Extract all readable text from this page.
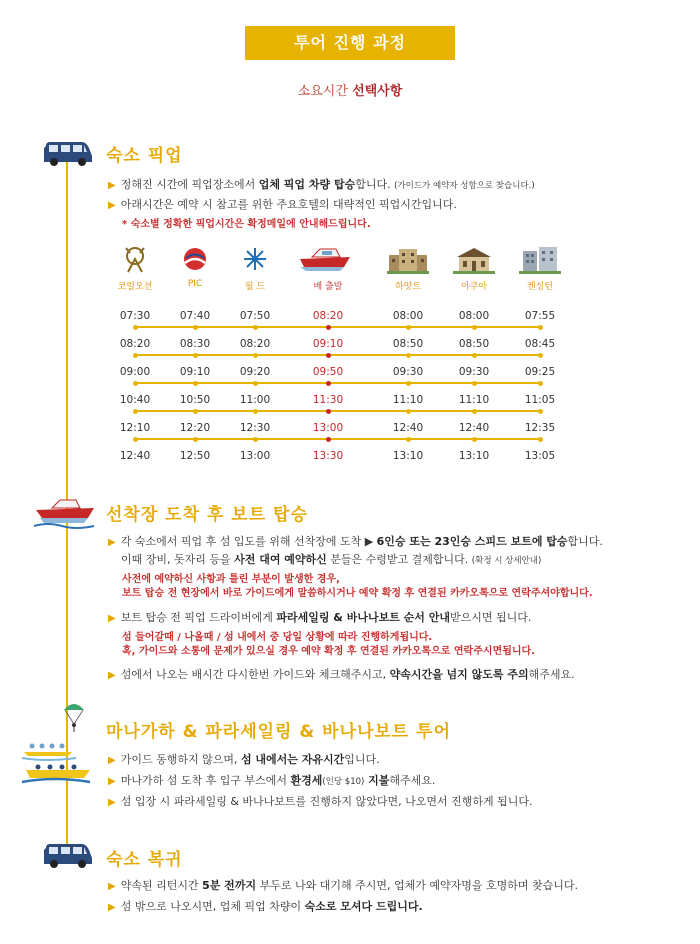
투어 진행 과정
소요시간 선택사항
숙소 픽업
▶ 정해진 시간에 픽업장소에서 업체 픽업 차량 탑승합니다. (가이드가 예약자 성함으로 찾습니다.)
▶ 아래시간은 예약 시 참고를 위한 주요호텔의 대략적인 픽업시간입니다.
* 숙소별 정확한 픽업시간은 확정메일에 안내해드립니다.
코럴오션	PIC	월 드	배 출발	하얏트	아쿠아	켄싱턴
07:30	07:40	07:50	08:20	08:00	08:00	07:55
08:20	08:30	08:20	09:10	08:50	08:50	08:45
09:00	09:10	09:20	09:50	09:30	09:30	09:25
10:40	10:50	11:00	11:30	11:10	11:10	11:05
12:10	12:20	12:30	13:00	12:40	12:40	12:35
12:40	12:50	13:00	13:30	13:10	13:10	13:05
선착장 도착 후 보트 탑승
▶ 각 숙소에서 픽업 후 섬 입도를 위해 선착장에 도착 ▶ 6인승 또는 23인승 스피드 보트에 탑승합니다.
이때 장비, 돗자리 등을 사전 대여 예약하신 분들은 수령받고 결제합니다. (확정 시 상세안내)
사전에 예약하신 사항과 틀린 부분이 발생한 경우,
보트 탑승 전 현장에서 바로 가이드에게 말씀하시거나 예약 확정 후 연결된 카카오톡으로 연락주셔야합니다.
▶ 보트 탑승 전 픽업 드라이버에게 파라세일링 & 바나나보트 순서 안내받으시면 됩니다.
섬 들어갈때 / 나올때 / 섬 내에서 중 당일 상황에 따라 진행하게됩니다.
혹, 가이드와 소통에 문제가 있으실 경우 예약 확정 후 연결된 카카오톡으로 연락주시면됩니다.
▶ 섬에서 나오는 배시간 다시한번 가이드와 체크해주시고, 약속시간을 넘지 않도록 주의해주세요.
마나가하 & 파라세일링 & 바나나보트 투어
▶ 가이드 동행하지 않으며, 섬 내에서는 자유시간입니다.
▶ 마나가하 섬 도착 후 입구 부스에서 환경세(인당 $10) 지불해주세요.
▶ 섬 입장 시 파라세일링 & 바나나보트를 진행하지 않았다면, 나오면서 진행하게 됩니다.
숙소 복귀
▶ 약속된 리턴시간 5분 전까지 부두로 나와 대기해 주시면, 업체가 예약자명을 호명하며 찾습니다.
▶ 섬 밖으로 나오시면, 업체 픽업 차량이 숙소로 모셔다 드립니다.
